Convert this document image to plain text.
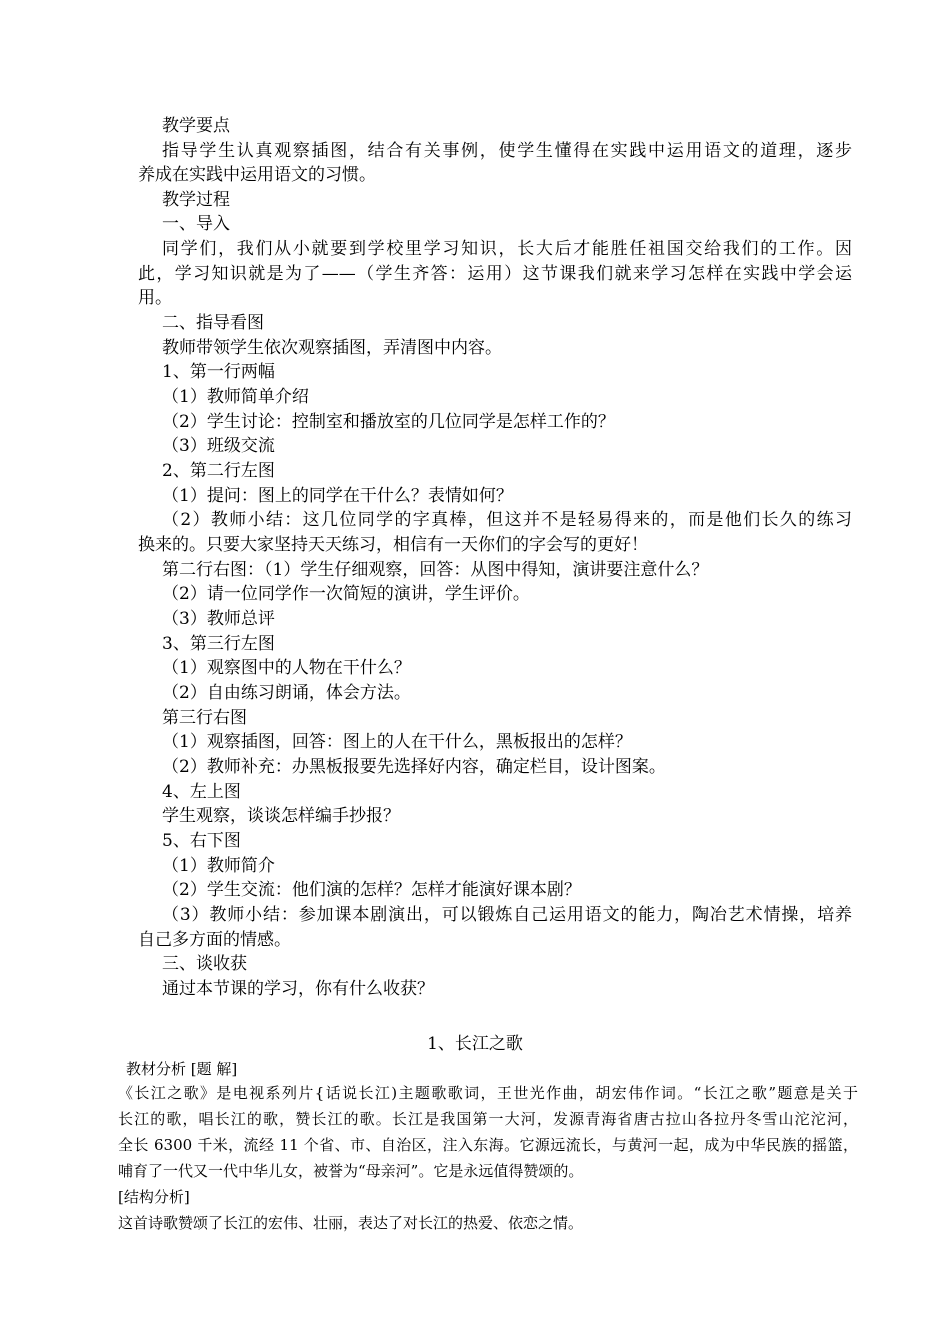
教学要点
指导学生认真观察插图，结合有关事例，使学生懂得在实践中运用语文的道理，逐步
养成在实践中运用语文的习惯。
教学过程
一、导入
同学们，我们从小就要到学校里学习知识，长大后才能胜任祖国交给我们的工作。因
此，学习知识就是为了——（学生齐答：运用）这节课我们就来学习怎样在实践中学会运
用。
二、指导看图
教师带领学生依次观察插图，弄清图中内容。
1、第一行两幅
（1）教师简单介绍
（2）学生讨论：控制室和播放室的几位同学是怎样工作的？
（3）班级交流
2、第二行左图
（1）提问：图上的同学在干什么？表情如何？
（2）教师小结：这几位同学的字真棒，但这并不是轻易得来的，而是他们长久的练习
换来的。只要大家坚持天天练习，相信有一天你们的字会写的更好！
第二行右图：（1）学生仔细观察，回答：从图中得知，演讲要注意什么？
（2）请一位同学作一次简短的演讲，学生评价。
（3）教师总评
3、第三行左图
（1）观察图中的人物在干什么？
（2）自由练习朗诵，体会方法。
第三行右图
（1）观察插图，回答：图上的人在干什么，黑板报出的怎样？
（2）教师补充：办黑板报要先选择好内容，确定栏目，设计图案。
4、左上图
学生观察，谈谈怎样编手抄报？
5、右下图
（1）教师简介
（2）学生交流：他们演的怎样？怎样才能演好课本剧？
（3）教师小结：参加课本剧演出，可以锻炼自己运用语文的能力，陶冶艺术情操，培养
自己多方面的情感。
三、谈收获
通过本节课的学习，你有什么收获？
1、长江之歌
教材分析 [题 解]
《长江之歌》是电视系列片{话说长江)主题歌歌词，王世光作曲，胡宏伟作词。“长江之歌”题意是关于
长江的歌，唱长江的歌，赞长江的歌。长江是我国第一大河，发源青海省唐古拉山各拉丹冬雪山沱沱河，
全长 6300 千米，流经 11 个省、市、自治区，注入东海。它源远流长，与黄河一起，成为中华民族的摇篮，
哺育了一代又一代中华儿女，被誉为“母亲河”。它是永远值得赞颂的。
[结构分析]
这首诗歌赞颂了长江的宏伟、壮丽，表达了对长江的热爱、依恋之情。
